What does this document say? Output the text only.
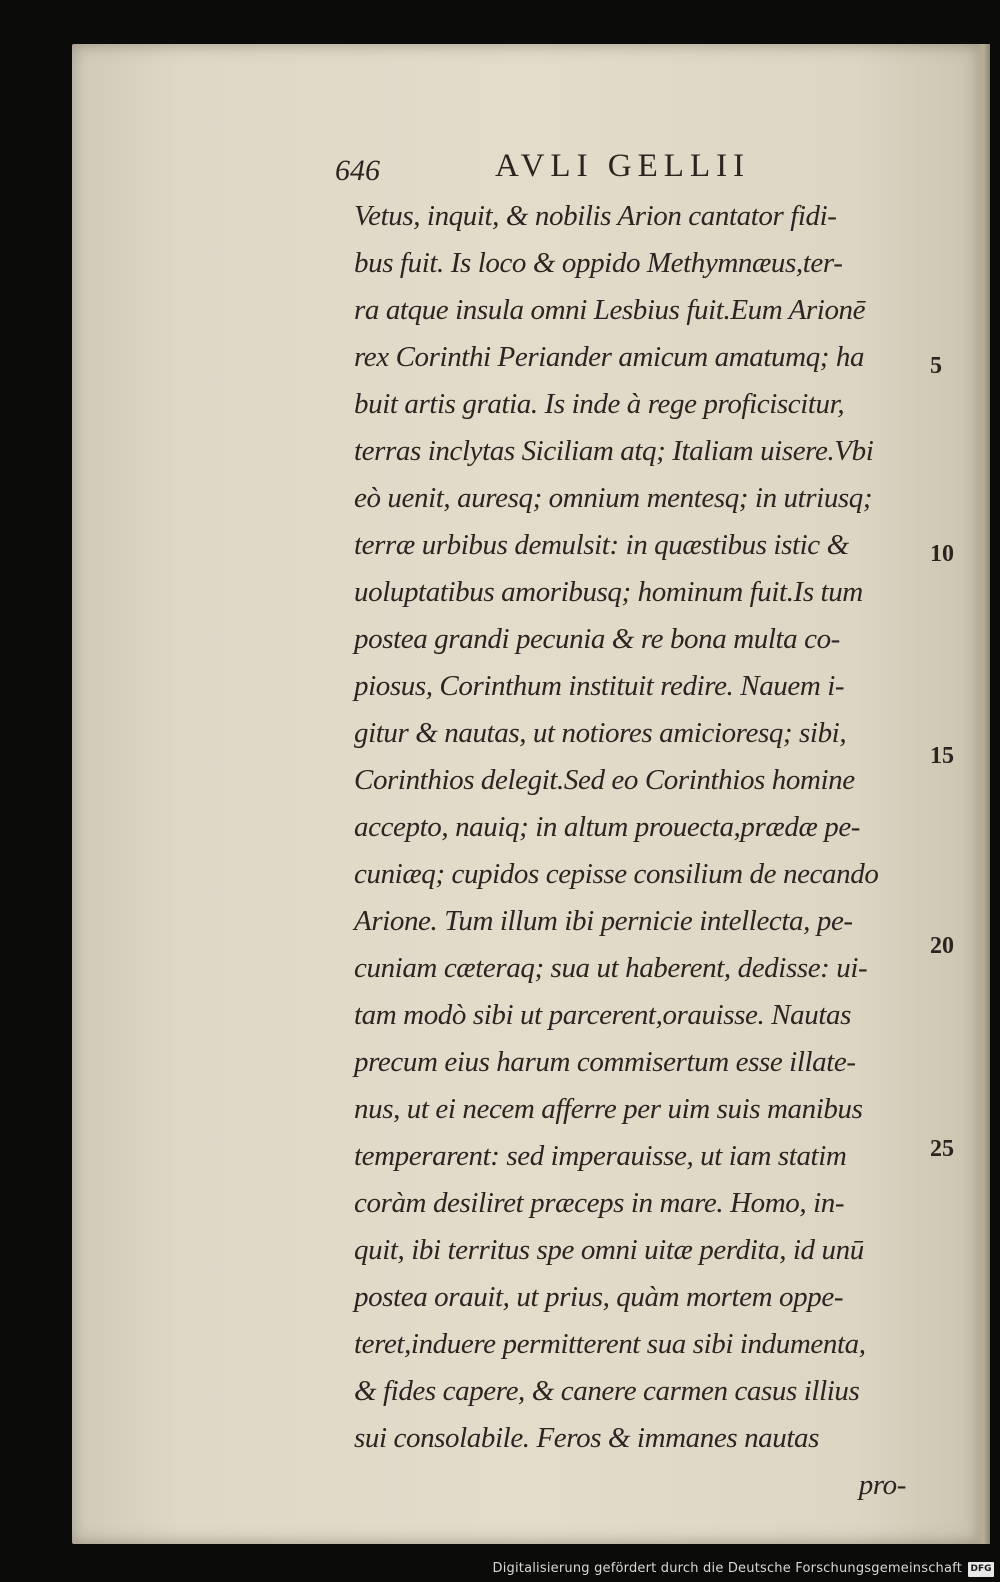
646	AVLI GELLII
Vetus, inquit, & nobilis Arion cantator fidi-
bus fuit. Is loco & oppido Methymnæus,ter-
ra atque insula omni Lesbius fuit.Eum Arionē
rex Corinthi Periander amicum amatumq; ha
buit artis gratia. Is inde à rege proficiscitur,
terras inclytas Siciliam atq; Italiam uisere.Vbi
eò uenit, auresq; omnium mentesq; in utriusq;
terræ urbibus demulsit: in quæstibus istic &
uoluptatibus amoribusq; hominum fuit.Is tum
postea grandi pecunia & re bona multa co-
piosus, Corinthum instituit redire. Nauem i-
gitur & nautas, ut notiores amicioresq; sibi,
Corinthios delegit.Sed eo Corinthios homine
accepto, nauiq; in altum prouecta,prædæ pe-
cuniæq; cupidos cepisse consilium de necando
Arione. Tum illum ibi pernicie intellecta, pe-
cuniam cæteraq; sua ut haberent, dedisse: ui-
tam modò sibi ut parcerent,orauisse. Nautas
precum eius harum commisertum esse illate-
nus, ut ei necem afferre per uim suis manibus
temperarent: sed imperauisse, ut iam statim
coràm desiliret præceps in mare. Homo, in-
quit, ibi territus spe omni uitæ perdita, id unū
postea orauit, ut prius, quàm mortem oppe-
teret,induere permitterent sua sibi indumenta,
& fides capere, & canere carmen casus illius
sui consolabile. Feros & immanes nautas
pro-
5
10
15
20
25
Digitalisierung gefördert durch die Deutsche Forschungsgemeinschaft DFG
